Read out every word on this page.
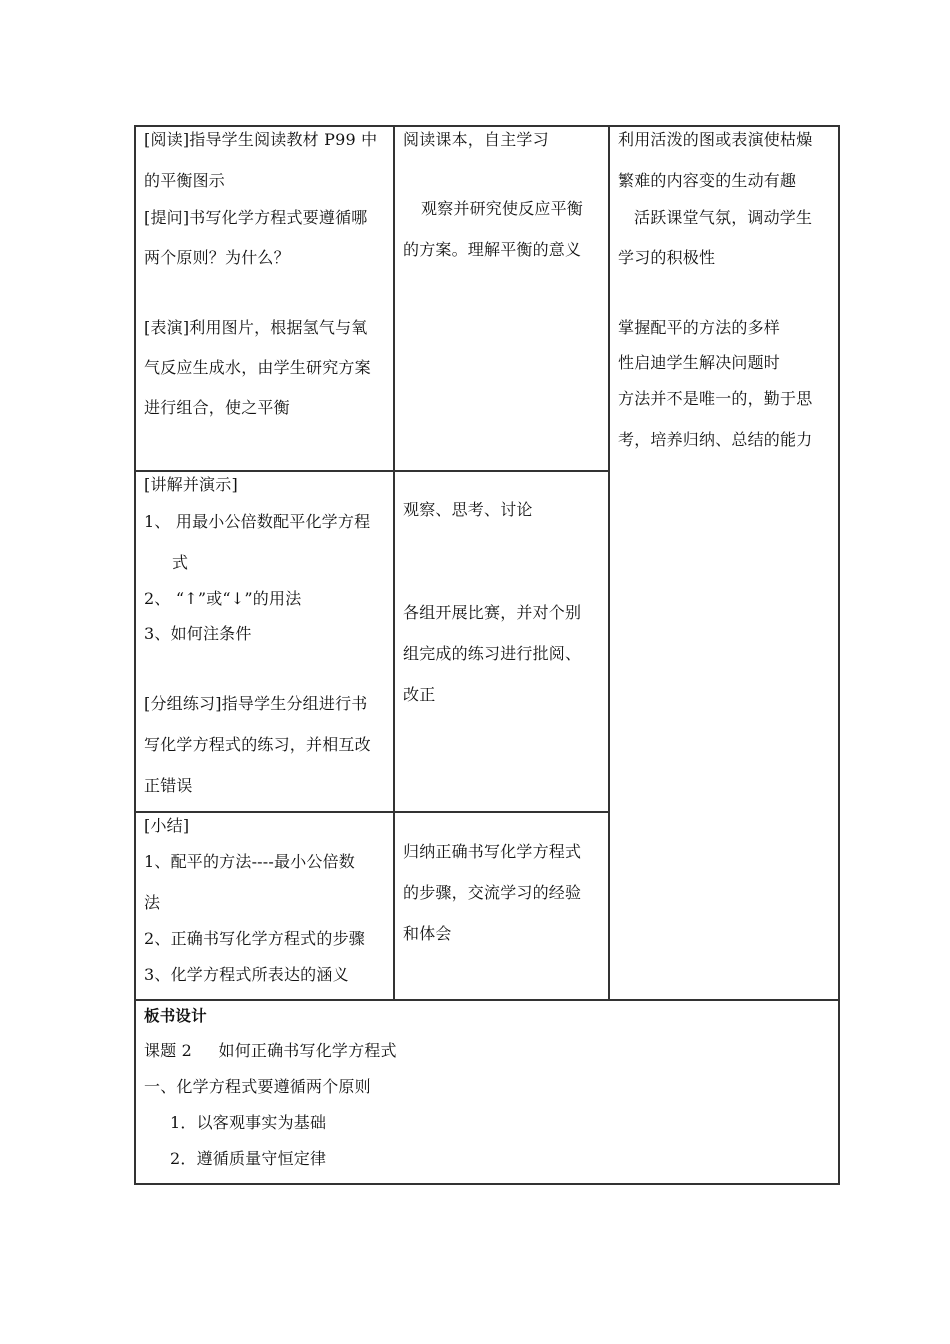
[阅读]指导学生阅读教材 P99 中
的平衡图示
[提问]书写化学方程式要遵循哪
两个原则？为什么？
[表演]利用图片，根据氢气与氧
气反应生成水，由学生研究方案
进行组合，使之平衡
阅读课本，自主学习
观察并研究使反应平衡
的方案。理解平衡的意义
利用活泼的图或表演使枯燥
繁难的内容变的生动有趣
活跃课堂气氛，调动学生
学习的积极性
掌握配平的方法的多样
性启迪学生解决问题时
方法并不是唯一的，勤于思
考，培养归纳、总结的能力
[讲解并演示]
1、 用最小公倍数配平化学方程
式
2、 “↑”或“↓”的用法
3、如何注条件
[分组练习]指导学生分组进行书
写化学方程式的练习，并相互改
正错误
观察、思考、讨论
各组开展比赛，并对个别
组完成的练习进行批阅、
改正
[小结]
1、配平的方法----最小公倍数
法
2、正确书写化学方程式的步骤
3、化学方程式所表达的涵义
归纳正确书写化学方程式
的步骤，交流学习的经验
和体会
板书设计
课题 2     如何正确书写化学方程式
一、化学方程式要遵循两个原则
1．以客观事实为基础
2．遵循质量守恒定律
